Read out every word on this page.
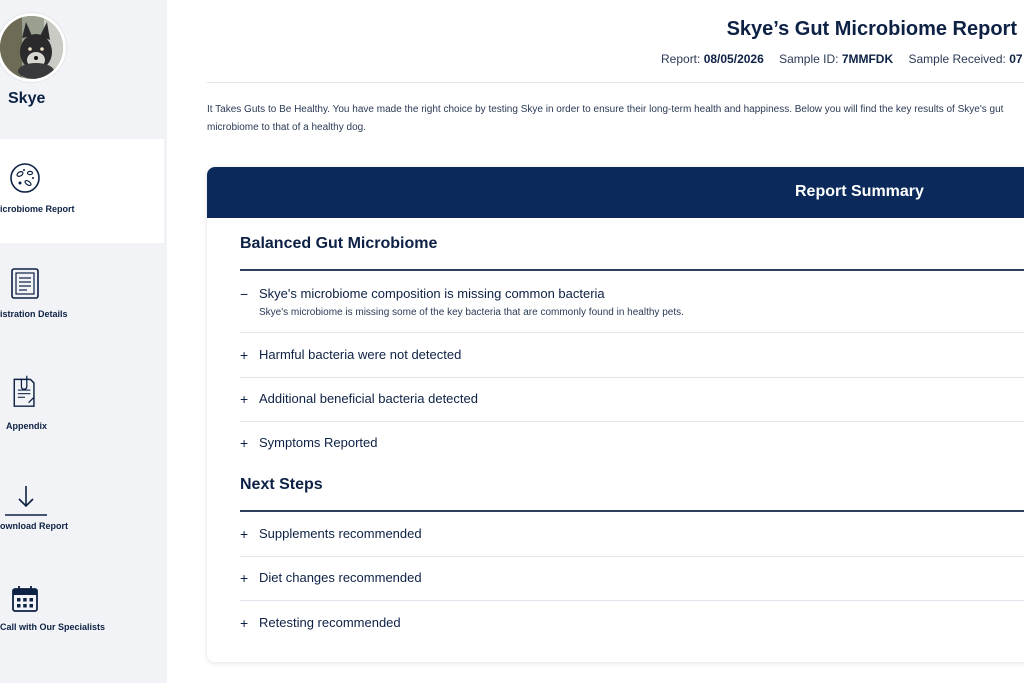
Skye
icrobiome Report
istration Details
Appendix
ownload Report
Call with Our Specialists
Skye’s Gut Microbiome Report
Report: 08/05/2026 Sample ID: 7MMFDK Sample Received: 07
It Takes Guts to Be Healthy. You have made the right choice by testing Skye in order to ensure their long-term health and happiness. Below you will find the key results of Skye's gut microbiome to that of a healthy dog.
Report Summary
Balanced Gut Microbiome
− Skye's microbiome composition is missing common bacteria
Skye's microbiome is missing some of the key bacteria that are commonly found in healthy pets.
+ Harmful bacteria were not detected
+ Additional beneficial bacteria detected
+ Symptoms Reported
Next Steps
+ Supplements recommended
+ Diet changes recommended
+ Retesting recommended
